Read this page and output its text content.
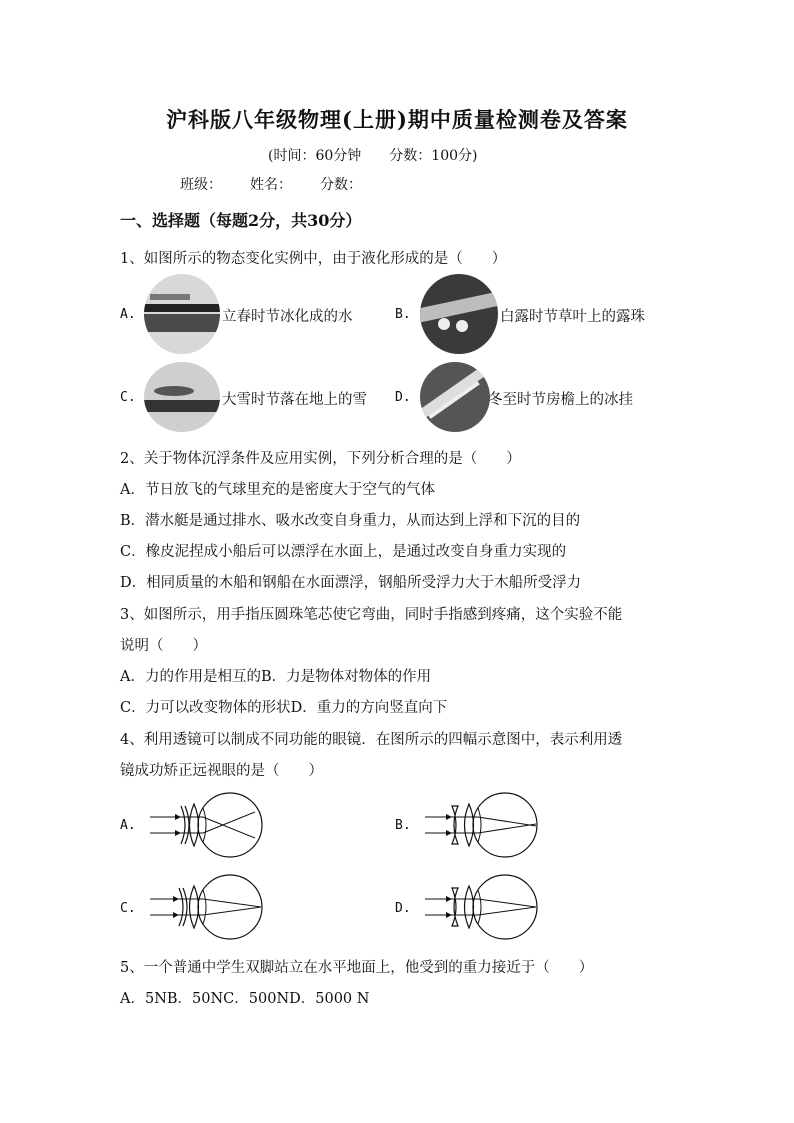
沪科版八年级物理(上册)期中质量检测卷及答案
(时间：60分钟 分数：100分)
班级： 姓名： 分数：
一、选择题（每题2分，共30分）
1、如图所示的物态变化实例中，由于液化形成的是（　　）
A.	立春时节冰化成的水	B.	白露时节草叶上的露珠
C.	大雪时节落在地上的雪 D.	冬至时节房檐上的冰挂
2、关于物体沉浮条件及应用实例，下列分析合理的是（　　）
A．节日放飞的气球里充的是密度大于空气的气体
B．潜水艇是通过排水、吸水改变自身重力，从而达到上浮和下沉的目的
C．橡皮泥捏成小船后可以漂浮在水面上，是通过改变自身重力实现的
D．相同质量的木船和钢船在水面漂浮，钢船所受浮力大于木船所受浮力
3、如图所示，用手指压圆珠笔芯使它弯曲，同时手指感到疼痛，这个实验不能
说明（　　）
A．力的作用是相互的B．力是物体对物体的作用
C．力可以改变物体的形状D．重力的方向竖直向下
4、利用透镜可以制成不同功能的眼镜．在图所示的四幅示意图中，表示利用透
镜成功矫正远视眼的是（　　）
A.	B.
C.	D.
5、一个普通中学生双脚站立在水平地面上，他受到的重力接近于（　　）
A．5NB．50NC．500ND．5000 N
